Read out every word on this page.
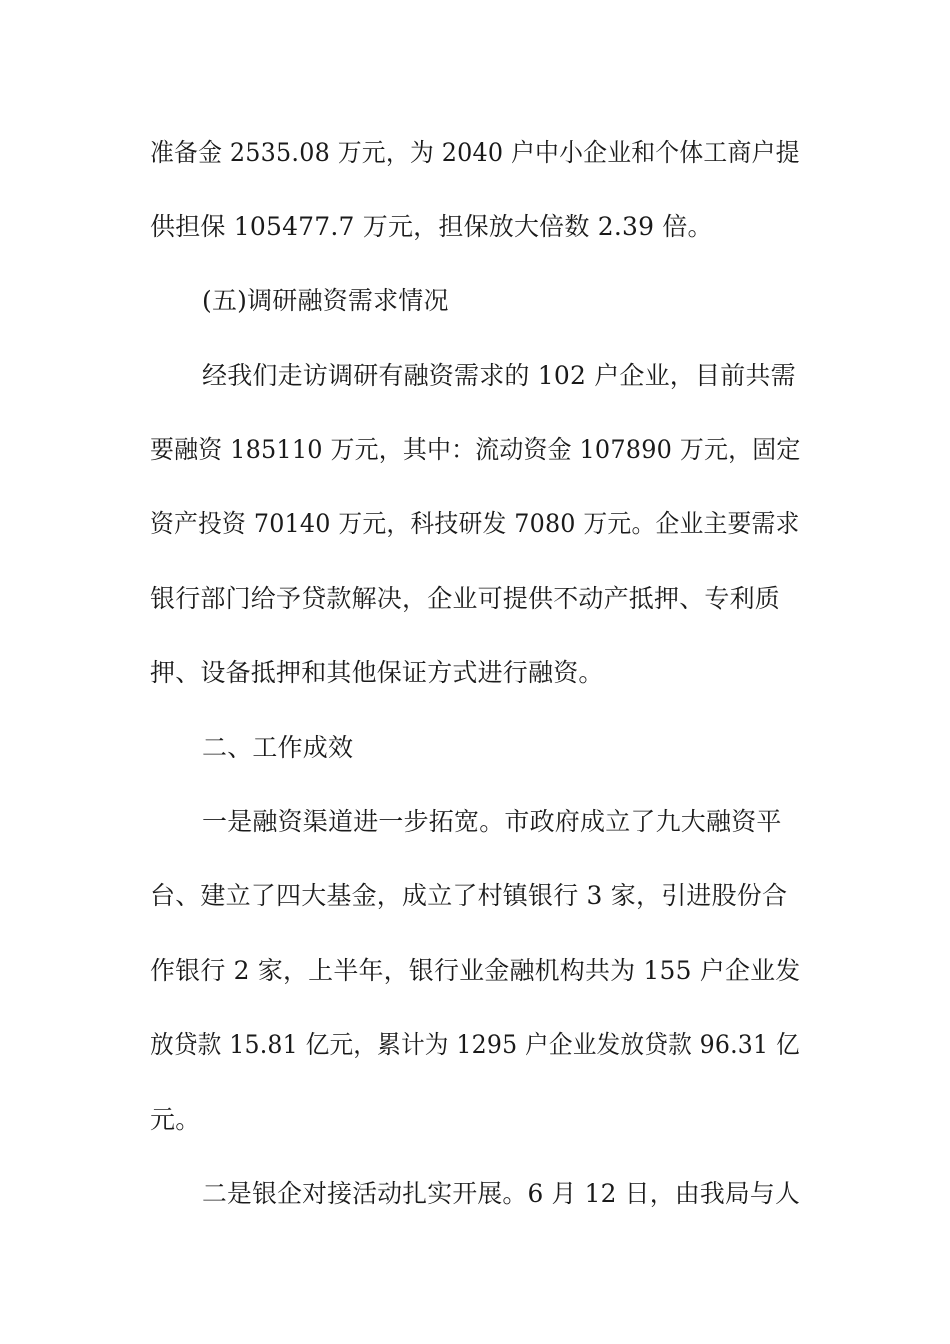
准备金 2535.08 万元，为 2040 户中小企业和个体工商户提
供担保 105477.7 万元，担保放大倍数 2.39 倍。
(五)调研融资需求情况
经我们走访调研有融资需求的 102 户企业，目前共需
要融资 185110 万元，其中：流动资金 107890 万元，固定
资产投资 70140 万元，科技研发 7080 万元。企业主要需求
银行部门给予贷款解决，企业可提供不动产抵押、专利质
押、设备抵押和其他保证方式进行融资。
二、工作成效
一是融资渠道进一步拓宽。市政府成立了九大融资平
台、建立了四大基金，成立了村镇银行 3 家，引进股份合
作银行 2 家，上半年，银行业金融机构共为 155 户企业发
放贷款 15.81 亿元，累计为 1295 户企业发放贷款 96.31 亿
元。
二是银企对接活动扎实开展。6 月 12 日，由我局与人
